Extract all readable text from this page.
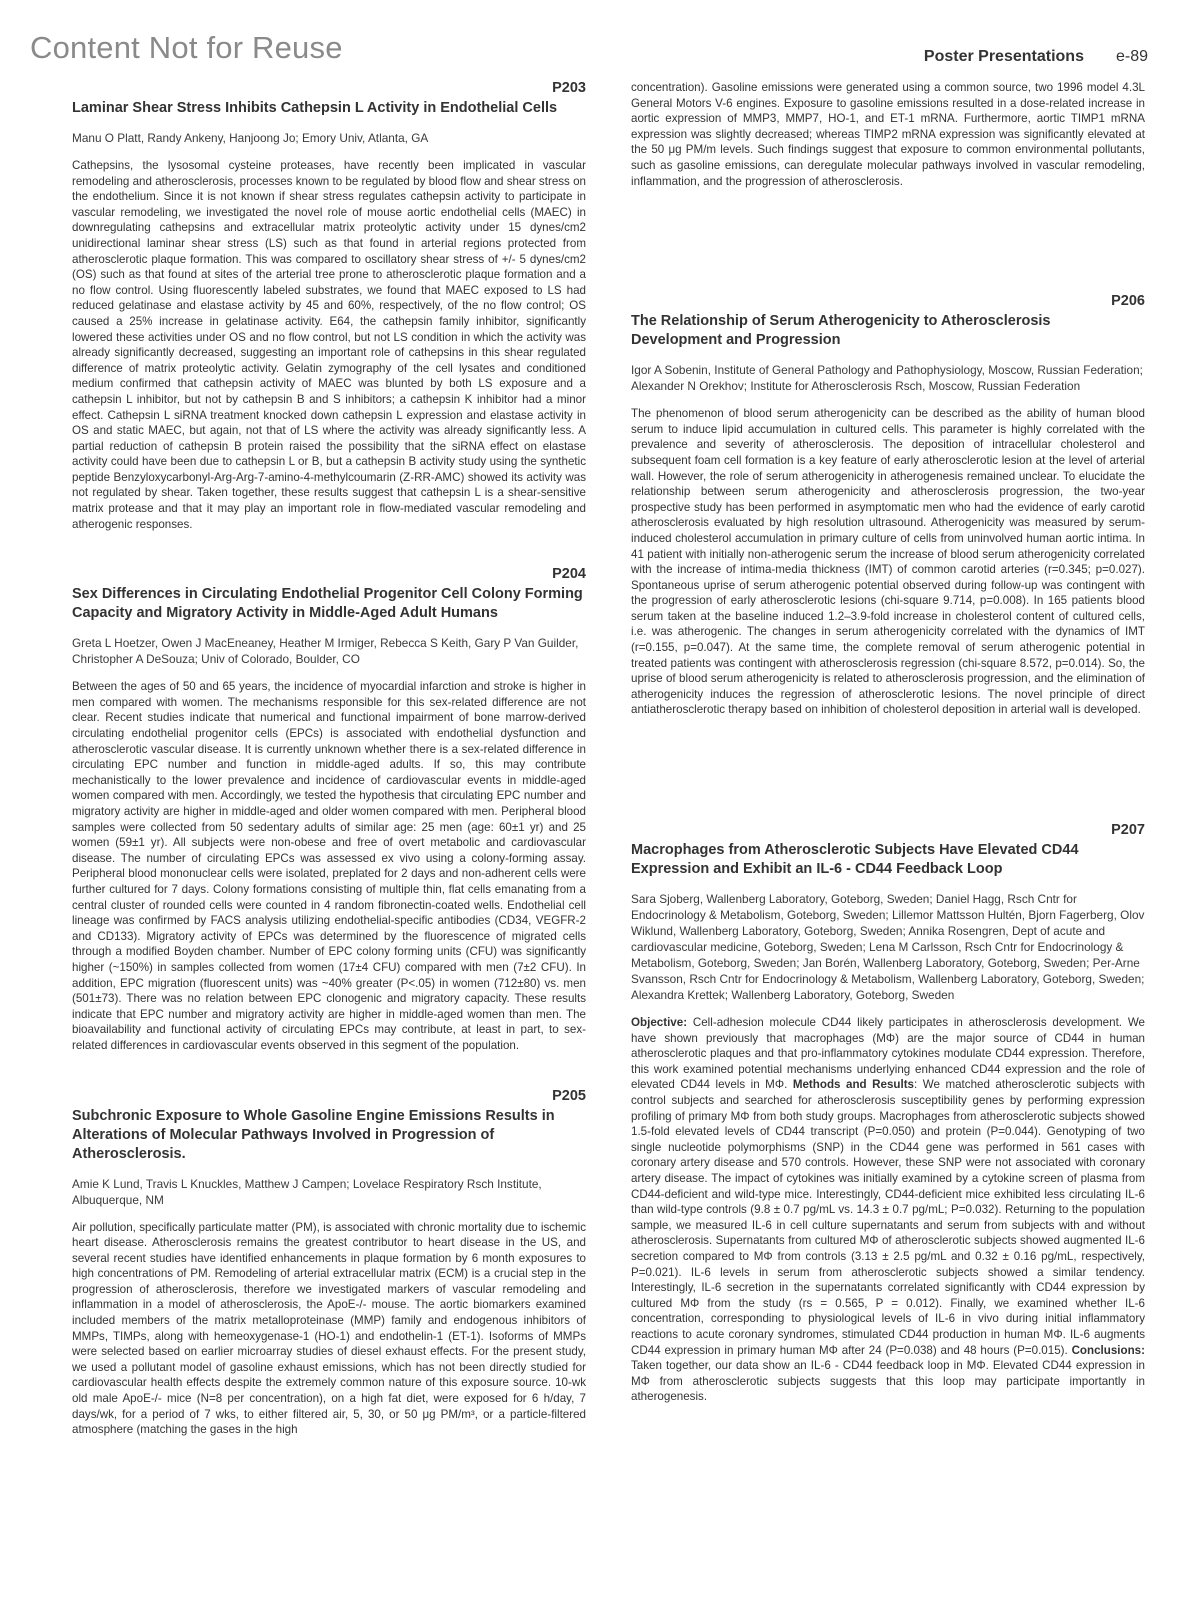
Content Not for Reuse	Poster Presentations e-89
P203
Laminar Shear Stress Inhibits Cathepsin L Activity in Endothelial Cells
Manu O Platt, Randy Ankeny, Hanjoong Jo; Emory Univ, Atlanta, GA

Cathepsins, the lysosomal cysteine proteases, have recently been implicated in vascular remodeling and atherosclerosis, processes known to be regulated by blood flow and shear stress on the endothelium. Since it is not known if shear stress regulates cathepsin activity to participate in vascular remodeling, we investigated the novel role of mouse aortic endothelial cells (MAEC) in downregulating cathepsins and extracellular matrix proteolytic activity under 15 dynes/cm2 unidirectional laminar shear stress (LS) such as that found in arterial regions protected from atherosclerotic plaque formation. This was compared to oscillatory shear stress of +/- 5 dynes/cm2 (OS) such as that found at sites of the arterial tree prone to atherosclerotic plaque formation and a no flow control. Using fluorescently labeled substrates, we found that MAEC exposed to LS had reduced gelatinase and elastase activity by 45 and 60%, respectively, of the no flow control; OS caused a 25% increase in gelatinase activity. E64, the cathepsin family inhibitor, significantly lowered these activities under OS and no flow control, but not LS condition in which the activity was already significantly decreased, suggesting an important role of cathepsins in this shear regulated difference of matrix proteolytic activity. Gelatin zymography of the cell lysates and conditioned medium confirmed that cathepsin activity of MAEC was blunted by both LS exposure and a cathepsin L inhibitor, but not by cathepsin B and S inhibitors; a cathepsin K inhibitor had a minor effect. Cathepsin L siRNA treatment knocked down cathepsin L expression and elastase activity in OS and static MAEC, but again, not that of LS where the activity was already significantly less. A partial reduction of cathepsin B protein raised the possibility that the siRNA effect on elastase activity could have been due to cathepsin L or B, but a cathepsin B activity study using the synthetic peptide Benzyloxycarbonyl-Arg-Arg-7-amino-4-methylcoumarin (Z-RR-AMC) showed its activity was not regulated by shear. Taken together, these results suggest that cathepsin L is a shear-sensitive matrix protease and that it may play an important role in flow-mediated vascular remodeling and atherogenic responses.

P204
Sex Differences in Circulating Endothelial Progenitor Cell Colony Forming Capacity and Migratory Activity in Middle-Aged Adult Humans
Greta L Hoetzer, Owen J MacEneaney, Heather M Irmiger, Rebecca S Keith, Gary P Van Guilder, Christopher A DeSouza; Univ of Colorado, Boulder, CO

Between the ages of 50 and 65 years, the incidence of myocardial infarction and stroke is higher in men compared with women. The mechanisms responsible for this sex-related difference are not clear. Recent studies indicate that numerical and functional impairment of bone marrow-derived circulating endothelial progenitor cells (EPCs) is associated with endothelial dysfunction and atherosclerotic vascular disease. It is currently unknown whether there is a sex-related difference in circulating EPC number and function in middle-aged adults. If so, this may contribute mechanistically to the lower prevalence and incidence of cardiovascular events in middle-aged women compared with men. Accordingly, we tested the hypothesis that circulating EPC number and migratory activity are higher in middle-aged and older women compared with men. Peripheral blood samples were collected from 50 sedentary adults of similar age: 25 men (age: 60±1 yr) and 25 women (59±1 yr). All subjects were non-obese and free of overt metabolic and cardiovascular disease. The number of circulating EPCs was assessed ex vivo using a colony-forming assay. Peripheral blood mononuclear cells were isolated, preplated for 2 days and non-adherent cells were further cultured for 7 days. Colony formations consisting of multiple thin, flat cells emanating from a central cluster of rounded cells were counted in 4 random fibronectin-coated wells. Endothelial cell lineage was confirmed by FACS analysis utilizing endothelial-specific antibodies (CD34, VEGFR-2 and CD133). Migratory activity of EPCs was determined by the fluorescence of migrated cells through a modified Boyden chamber. Number of EPC colony forming units (CFU) was significantly higher (~150%) in samples collected from women (17±4 CFU) compared with men (7±2 CFU). In addition, EPC migration (fluorescent units) was ~40% greater (P<.05) in women (712±80) vs. men (501±73). There was no relation between EPC clonogenic and migratory capacity. These results indicate that EPC number and migratory activity are higher in middle-aged women than men. The bioavailability and functional activity of circulating EPCs may contribute, at least in part, to sex-related differences in cardiovascular events observed in this segment of the population.

P205
Subchronic Exposure to Whole Gasoline Engine Emissions Results in Alterations of Molecular Pathways Involved in Progression of Atherosclerosis.
Amie K Lund, Travis L Knuckles, Matthew J Campen; Lovelace Respiratory Rsch Institute, Albuquerque, NM

Air pollution, specifically particulate matter (PM), is associated with chronic mortality due to ischemic heart disease. Atherosclerosis remains the greatest contributor to heart disease in the US, and several recent studies have identified enhancements in plaque formation by 6 month exposures to high concentrations of PM. Remodeling of arterial extracellular matrix (ECM) is a crucial step in the progression of atherosclerosis, therefore we investigated markers of vascular remodeling and inflammation in a model of atherosclerosis, the ApoE-/- mouse. The aortic biomarkers examined included members of the matrix metalloproteinase (MMP) family and endogenous inhibitors of MMPs, TIMPs, along with hemeoxygenase-1 (HO-1) and endothelin-1 (ET-1). Isoforms of MMPs were selected based on earlier microarray studies of diesel exhaust effects. For the present study, we used a pollutant model of gasoline exhaust emissions, which has not been directly studied for cardiovascular health effects despite the extremely common nature of this exposure source. 10-wk old male ApoE-/- mice (N=8 per concentration), on a high fat diet, were exposed for 6 h/day, 7 days/wk, for a period of 7 wks, to either filtered air, 5, 30, or 50 μg PM/m³, or a particle-filtered atmosphere (matching the gases in the high

concentration). Gasoline emissions were generated using a common source, two 1996 model 4.3L General Motors V-6 engines. Exposure to gasoline emissions resulted in a dose-related increase in aortic expression of MMP3, MMP7, HO-1, and ET-1 mRNA. Furthermore, aortic TIMP1 mRNA expression was slightly decreased; whereas TIMP2 mRNA expression was significantly elevated at the 50 μg PM/m levels. Such findings suggest that exposure to common environmental pollutants, such as gasoline emissions, can deregulate molecular pathways involved in vascular remodeling, inflammation, and the progression of atherosclerosis.

P206
The Relationship of Serum Atherogenicity to Atherosclerosis Development and Progression
Igor A Sobenin, Institute of General Pathology and Pathophysiology, Moscow, Russian Federation; Alexander N Orekhov; Institute for Atherosclerosis Rsch, Moscow, Russian Federation

The phenomenon of blood serum atherogenicity can be described as the ability of human blood serum to induce lipid accumulation in cultured cells. This parameter is highly correlated with the prevalence and severity of atherosclerosis. The deposition of intracellular cholesterol and subsequent foam cell formation is a key feature of early atherosclerotic lesion at the level of arterial wall. However, the role of serum atherogenicity in atherogenesis remained unclear. To elucidate the relationship between serum atherogenicity and atherosclerosis progression, the two-year prospective study has been performed in asymptomatic men who had the evidence of early carotid atherosclerosis evaluated by high resolution ultrasound. Atherogenicity was measured by serum-induced cholesterol accumulation in primary culture of cells from uninvolved human aortic intima. In 41 patient with initially non-atherogenic serum the increase of blood serum atherogenicity correlated with the increase of intima-media thickness (IMT) of common carotid arteries (r=0.345; p=0.027). Spontaneous uprise of serum atherogenic potential observed during follow-up was contingent with the progression of early atherosclerotic lesions (chi-square 9.714, p=0.008). In 165 patients blood serum taken at the baseline induced 1.2–3.9-fold increase in cholesterol content of cultured cells, i.e. was atherogenic. The changes in serum atherogenicity correlated with the dynamics of IMT (r=0.155, p=0.047). At the same time, the complete removal of serum atherogenic potential in treated patients was contingent with atherosclerosis regression (chi-square 8.572, p=0.014). So, the uprise of blood serum atherogenicity is related to atherosclerosis progression, and the elimination of atherogenicity induces the regression of atherosclerotic lesions. The novel principle of direct antiatherosclerotic therapy based on inhibition of cholesterol deposition in arterial wall is developed.

P207
Macrophages from Atherosclerotic Subjects Have Elevated CD44 Expression and Exhibit an IL-6 - CD44 Feedback Loop
Sara Sjoberg, Wallenberg Laboratory, Goteborg, Sweden; Daniel Hagg, Rsch Cntr for Endocrinology & Metabolism, Goteborg, Sweden; Lillemor Mattsson Hultén, Bjorn Fagerberg, Olov Wiklund, Wallenberg Laboratory, Goteborg, Sweden; Annika Rosengren, Dept of acute and cardiovascular medicine, Goteborg, Sweden; Lena M Carlsson, Rsch Cntr for Endocrinology & Metabolism, Goteborg, Sweden; Jan Borén, Wallenberg Laboratory, Goteborg, Sweden; Per-Arne Svansson, Rsch Cntr for Endocrinology & Metabolism, Wallenberg Laboratory, Goteborg, Sweden; Alexandra Krettek; Wallenberg Laboratory, Goteborg, Sweden

Objective: Cell-adhesion molecule CD44 likely participates in atherosclerosis development. We have shown previously that macrophages (MΦ) are the major source of CD44 in human atherosclerotic plaques and that pro-inflammatory cytokines modulate CD44 expression. Therefore, this work examined potential mechanisms underlying enhanced CD44 expression and the role of elevated CD44 levels in MΦ. Methods and Results: We matched atherosclerotic subjects with control subjects and searched for atherosclerosis susceptibility genes by performing expression profiling of primary MΦ from both study groups. Macrophages from atherosclerotic subjects showed 1.5-fold elevated levels of CD44 transcript (P=0.050) and protein (P=0.044). Genotyping of two single nucleotide polymorphisms (SNP) in the CD44 gene was performed in 561 cases with coronary artery disease and 570 controls. However, these SNP were not associated with coronary artery disease. The impact of cytokines was initially examined by a cytokine screen of plasma from CD44-deficient and wild-type mice. Interestingly, CD44-deficient mice exhibited less circulating IL-6 than wild-type controls (9.8 ± 0.7 pg/mL vs. 14.3 ± 0.7 pg/mL; P=0.032). Returning to the population sample, we measured IL-6 in cell culture supernatants and serum from subjects with and without atherosclerosis. Supernatants from cultured MΦ of atherosclerotic subjects showed augmented IL-6 secretion compared to MΦ from controls (3.13 ± 2.5 pg/mL and 0.32 ± 0.16 pg/mL, respectively, P=0.021). IL-6 levels in serum from atherosclerotic subjects showed a similar tendency. Interestingly, IL-6 secretion in the supernatants correlated significantly with CD44 expression by cultured MΦ from the study (rs = 0.565, P = 0.012). Finally, we examined whether IL-6 concentration, corresponding to physiological levels of IL-6 in vivo during initial inflammatory reactions to acute coronary syndromes, stimulated CD44 production in human MΦ. IL-6 augments CD44 expression in primary human MΦ after 24 (P=0.038) and 48 hours (P=0.015). Conclusions: Taken together, our data show an IL-6 - CD44 feedback loop in MΦ. Elevated CD44 expression in MΦ from atherosclerotic subjects suggests that this loop may participate importantly in atherogenesis.
